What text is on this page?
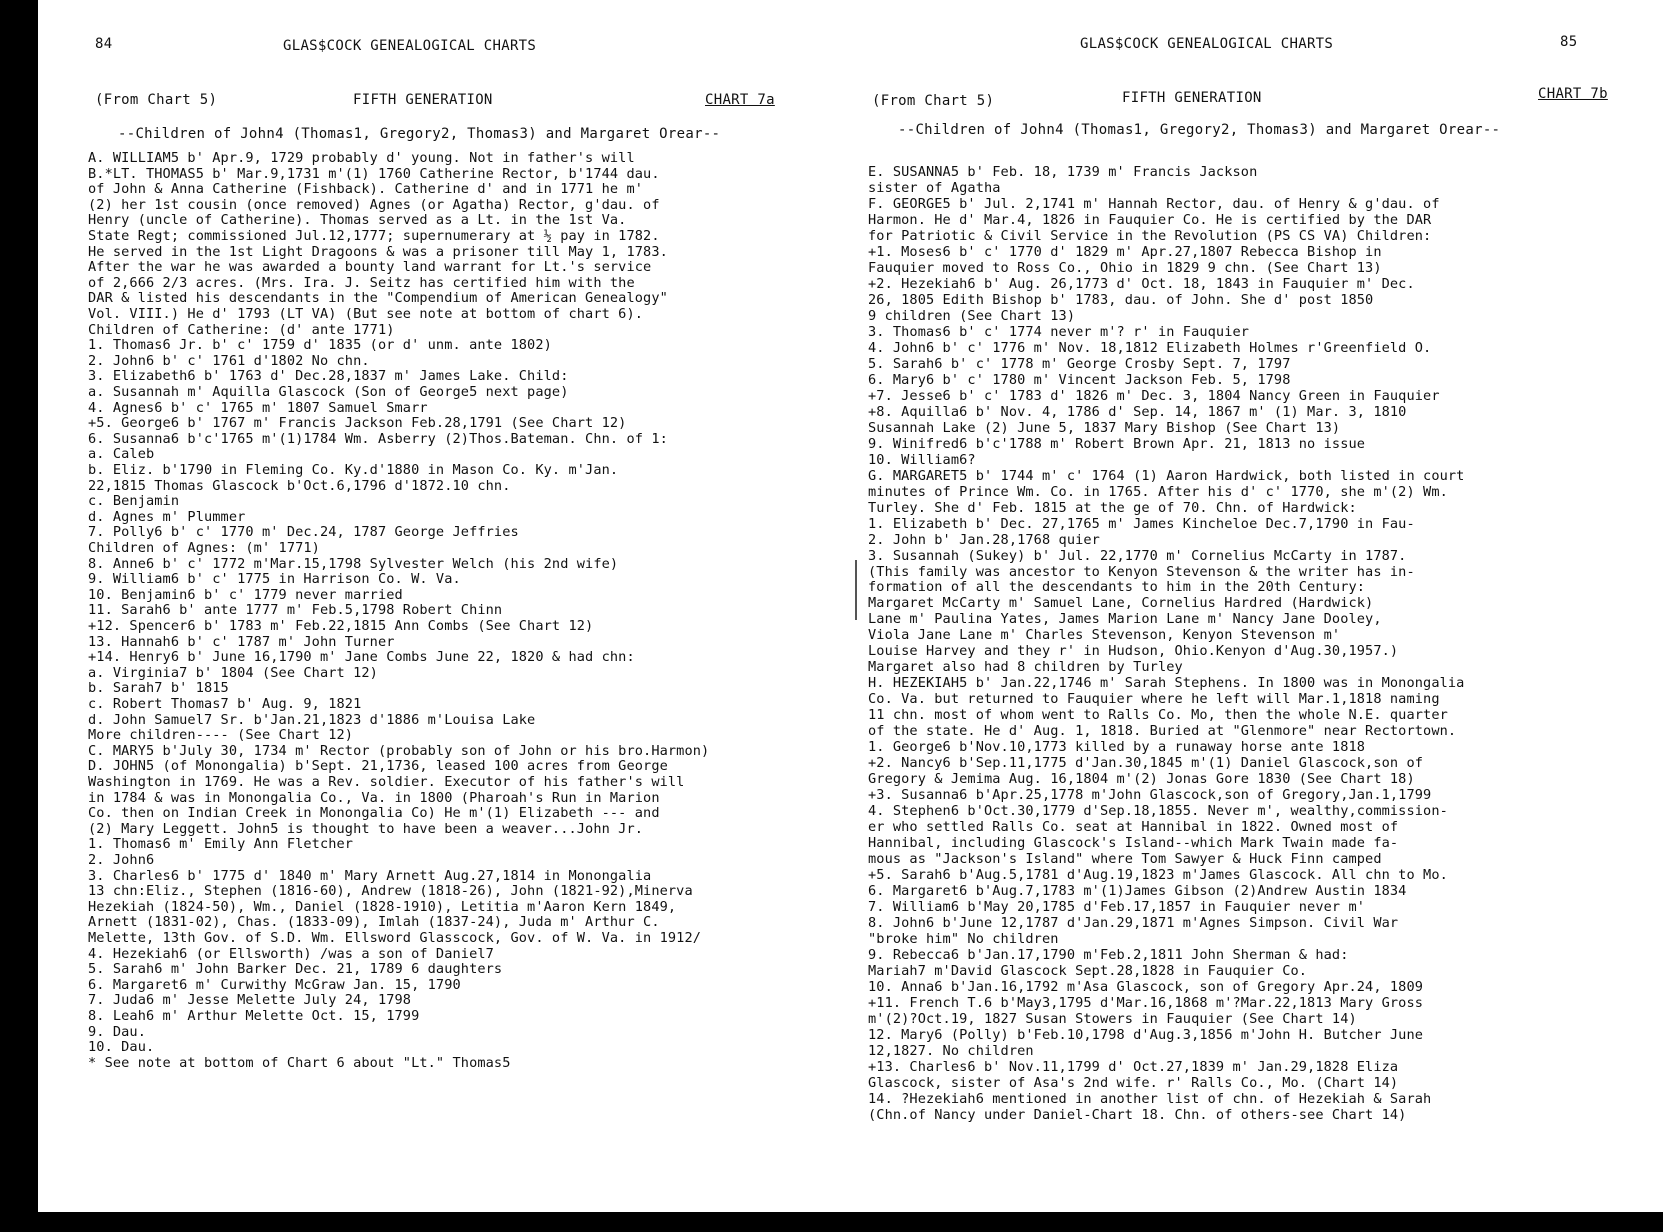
84	GLAS$COCK GENEALOGICAL CHARTS
(From Chart 5)	FIFTH GENERATION	CHART 7a
--Children of John4 (Thomas1, Gregory2, Thomas3) and Margaret Orear--
A. WILLIAM5 b' Apr.9, 1729 probably d' young. Not in father's will
B.*LT. THOMAS5 b' Mar.9,1731 m'(1) 1760 Catherine Rector, b'1744 dau.
of John & Anna Catherine (Fishback). Catherine d' and in 1771 he m'
(2) her 1st cousin (once removed) Agnes (or Agatha) Rector, g'dau. of
Henry (uncle of Catherine). Thomas served as a Lt. in the 1st Va.
State Regt; commissioned Jul.12,1777; supernumerary at ½ pay in 1782.
He served in the 1st Light Dragoons & was a prisoner till May 1, 1783.
After the war he was awarded a bounty land warrant for Lt.'s service
of 2,666 2/3 acres. (Mrs. Ira. J. Seitz has certified him with the
DAR & listed his descendants in the "Compendium of American Genealogy"
Vol. VIII.) He d' 1793 (LT VA) (But see note at bottom of chart 6).
Children of Catherine: (d' ante 1771)
1. Thomas6 Jr. b' c' 1759 d' 1835 (or d' unm. ante 1802)
2. John6 b' c' 1761 d'1802 No chn.
3. Elizabeth6 b' 1763 d' Dec.28,1837 m' James Lake. Child:
a. Susannah m' Aquilla Glascock (Son of George5 next page)
4. Agnes6 b' c' 1765 m' 1807 Samuel Smarr
+5. George6 b' 1767 m' Francis Jackson Feb.28,1791 (See Chart 12)
6. Susanna6 b'c'1765 m'(1)1784 Wm. Asberry (2)Thos.Bateman. Chn. of 1:
a. Caleb
b. Eliz. b'1790 in Fleming Co. Ky.d'1880 in Mason Co. Ky. m'Jan.
22,1815 Thomas Glascock b'Oct.6,1796 d'1872.10 chn.
c. Benjamin
d. Agnes m' Plummer
7. Polly6 b' c' 1770 m' Dec.24, 1787 George Jeffries
Children of Agnes: (m' 1771)
8. Anne6 b' c' 1772 m'Mar.15,1798 Sylvester Welch (his 2nd wife)
9. William6 b' c' 1775 in Harrison Co. W. Va.
10. Benjamin6 b' c' 1779 never married
11. Sarah6 b' ante 1777 m' Feb.5,1798 Robert Chinn
+12. Spencer6 b' 1783 m' Feb.22,1815 Ann Combs (See Chart 12)
13. Hannah6 b' c' 1787 m' John Turner
+14. Henry6 b' June 16,1790 m' Jane Combs June 22, 1820 & had chn:
a. Virginia7 b' 1804 (See Chart 12)
b. Sarah7 b' 1815
c. Robert Thomas7 b' Aug. 9, 1821
d. John Samuel7 Sr. b'Jan.21,1823 d'1886 m'Louisa Lake
More children---- (See Chart 12)
C. MARY5 b'July 30, 1734 m' Rector (probably son of John or his bro.Harmon)
D. JOHN5 (of Monongalia) b'Sept. 21,1736, leased 100 acres from George
Washington in 1769. He was a Rev. soldier. Executor of his father's will
in 1784 & was in Monongalia Co., Va. in 1800 (Pharoah's Run in Marion
Co. then on Indian Creek in Monongalia Co) He m'(1) Elizabeth --- and
(2) Mary Leggett. John5 is thought to have been a weaver...John Jr.
1. Thomas6 m' Emily Ann Fletcher
2. John6
3. Charles6 b' 1775 d' 1840 m' Mary Arnett Aug.27,1814 in Monongalia
13 chn:Eliz., Stephen (1816-60), Andrew (1818-26), John (1821-92),Minerva
Hezekiah (1824-50), Wm., Daniel (1828-1910), Letitia m'Aaron Kern 1849,
Arnett (1831-02), Chas. (1833-09), Imlah (1837-24), Juda m' Arthur C.
Melette, 13th Gov. of S.D. Wm. Ellsword Glasscock, Gov. of W. Va. in 1912/
4. Hezekiah6 (or Ellsworth) /was a son of Daniel7
5. Sarah6 m' John Barker Dec. 21, 1789 6 daughters
6. Margaret6 m' Curwithy McGraw Jan. 15, 1790
7. Juda6 m' Jesse Melette July 24, 1798
8. Leah6 m' Arthur Melette Oct. 15, 1799
9. Dau.
10. Dau.
* See note at bottom of Chart 6 about "Lt." Thomas5
85
GLAS$COCK GENEALOGICAL CHARTS
(From Chart 5)	FIFTH GENERATION	CHART 7b
--Children of John4 (Thomas1, Gregory2, Thomas3) and Margaret Orear--
E. SUSANNA5 b' Feb. 18, 1739 m' Francis Jackson
sister of Agatha
F. GEORGE5 b' Jul. 2,1741 m' Hannah Rector, dau. of Henry & g'dau. of
Harmon. He d' Mar.4, 1826 in Fauquier Co. He is certified by the DAR
for Patriotic & Civil Service in the Revolution (PS CS VA) Children:
+1. Moses6 b' c' 1770 d' 1829 m' Apr.27,1807 Rebecca Bishop in
Fauquier moved to Ross Co., Ohio in 1829 9 chn. (See Chart 13)
+2. Hezekiah6 b' Aug. 26,1773 d' Oct. 18, 1843 in Fauquier m' Dec.
26, 1805 Edith Bishop b' 1783, dau. of John. She d' post 1850
9 children (See Chart 13)
3. Thomas6 b' c' 1774 never m'? r' in Fauquier
4. John6 b' c' 1776 m' Nov. 18,1812 Elizabeth Holmes r'Greenfield O.
5. Sarah6 b' c' 1778 m' George Crosby Sept. 7, 1797
6. Mary6 b' c' 1780 m' Vincent Jackson Feb. 5, 1798
+7. Jesse6 b' c' 1783 d' 1826 m' Dec. 3, 1804 Nancy Green in Fauquier
+8. Aquilla6 b' Nov. 4, 1786 d' Sep. 14, 1867 m' (1) Mar. 3, 1810
Susannah Lake (2) June 5, 1837 Mary Bishop (See Chart 13)
9. Winifred6 b'c'1788 m' Robert Brown Apr. 21, 1813 no issue
10. William6?
G. MARGARET5 b' 1744 m' c' 1764 (1) Aaron Hardwick, both listed in court
minutes of Prince Wm. Co. in 1765. After his d' c' 1770, she m'(2) Wm.
Turley. She d' Feb. 1815 at the ge of 70. Chn. of Hardwick:
1. Elizabeth b' Dec. 27,1765 m' James Kincheloe Dec.7,1790 in Fau-
2. John b' Jan.28,1768 quier
3. Susannah (Sukey) b' Jul. 22,1770 m' Cornelius McCarty in 1787.
(This family was ancestor to Kenyon Stevenson & the writer has in-
formation of all the descendants to him in the 20th Century:
Margaret McCarty m' Samuel Lane, Cornelius Hardred (Hardwick)
Lane m' Paulina Yates, James Marion Lane m' Nancy Jane Dooley,
Viola Jane Lane m' Charles Stevenson, Kenyon Stevenson m'
Louise Harvey and they r' in Hudson, Ohio.Kenyon d'Aug.30,1957.)
Margaret also had 8 children by Turley
H. HEZEKIAH5 b' Jan.22,1746 m' Sarah Stephens. In 1800 was in Monongalia
Co. Va. but returned to Fauquier where he left will Mar.1,1818 naming
11 chn. most of whom went to Ralls Co. Mo, then the whole N.E. quarter
of the state. He d' Aug. 1, 1818. Buried at "Glenmore" near Rectortown.
1. George6 b'Nov.10,1773 killed by a runaway horse ante 1818
+2. Nancy6 b'Sep.11,1775 d'Jan.30,1845 m'(1) Daniel Glascock,son of
Gregory & Jemima Aug. 16,1804 m'(2) Jonas Gore 1830 (See Chart 18)
+3. Susanna6 b'Apr.25,1778 m'John Glascock,son of Gregory,Jan.1,1799
4. Stephen6 b'Oct.30,1779 d'Sep.18,1855. Never m', wealthy,commission-
er who settled Ralls Co. seat at Hannibal in 1822. Owned most of
Hannibal, including Glascock's Island--which Mark Twain made fa-
mous as "Jackson's Island" where Tom Sawyer & Huck Finn camped
+5. Sarah6 b'Aug.5,1781 d'Aug.19,1823 m'James Glascock. All chn to Mo.
6. Margaret6 b'Aug.7,1783 m'(1)James Gibson (2)Andrew Austin 1834
7. William6 b'May 20,1785 d'Feb.17,1857 in Fauquier never m'
8. John6 b'June 12,1787 d'Jan.29,1871 m'Agnes Simpson. Civil War
"broke him" No children
9. Rebecca6 b'Jan.17,1790 m'Feb.2,1811 John Sherman & had:
Mariah7 m'David Glascock Sept.28,1828 in Fauquier Co.
10. Anna6 b'Jan.16,1792 m'Asa Glascock, son of Gregory Apr.24, 1809
+11. French T.6 b'May3,1795 d'Mar.16,1868 m'?Mar.22,1813 Mary Gross
m'(2)?Oct.19, 1827 Susan Stowers in Fauquier (See Chart 14)
12. Mary6 (Polly) b'Feb.10,1798 d'Aug.3,1856 m'John H. Butcher June
12,1827. No children
+13. Charles6 b' Nov.11,1799 d' Oct.27,1839 m' Jan.29,1828 Eliza
Glascock, sister of Asa's 2nd wife. r' Ralls Co., Mo. (Chart 14)
14. ?Hezekiah6 mentioned in another list of chn. of Hezekiah & Sarah
(Chn.of Nancy under Daniel-Chart 18. Chn. of others-see Chart 14)
